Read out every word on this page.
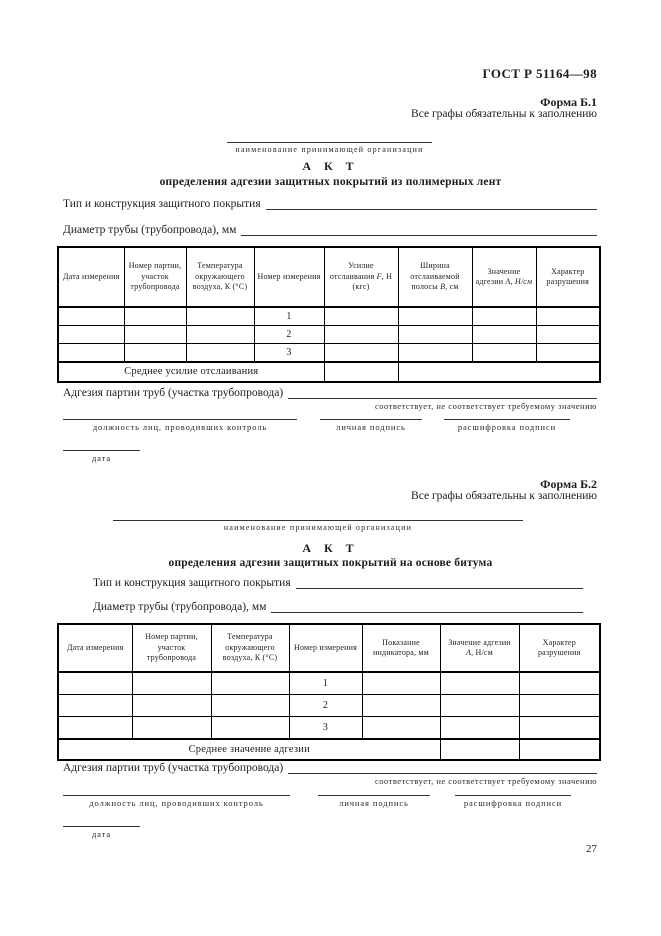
ГОСТ Р 51164—98
Форма Б.1
Все графы обязательны к заполнению
наименование принимающей организации
А К Т
определения адгезии защитных покрытий из полимерных лент
Тип и конструкция защитного покрытия
Диаметр трубы (трубопровода), мм
Дата измерения	Номер партии, участок трубопровода	Температура окружающего воздуха, К (°С)	Номер измерения	Усилие отслаивания F, Н (кгс)	Ширина отслаиваемой полосы В, см	Значение адгезии А, Н/см	Характер разрушения
			1				
			2				
			3				
Среднее усилие отслаивания							
Адгезия партии труб (участка трубопровода)
соответствует, не соответствует требуемому значению
должность лиц, проводивших контроль	личная подпись	расшифровка подписи
дата
Форма Б.2
Все графы обязательны к заполнению
наименование принимающей организации
А К Т
определения адгезии защитных покрытий на основе битума
Тип и конструкция защитного покрытия
Диаметр трубы (трубопровода), мм
Дата измерения	Номер партии, участок трубопровода	Температура окружающего воздуха, К (°С)	Номер измерения	Показание индикатора, мм	Значение адгезии А, Н/см	Характер разрушения
			1			
			2			
			3			
Среднее значение адгезии						
Адгезия партии труб (участка трубопровода)
соответствует, не соответствует требуемому значению
должность лиц, проводивших контроль	личная подпись	расшифровка подписи
дата
27
